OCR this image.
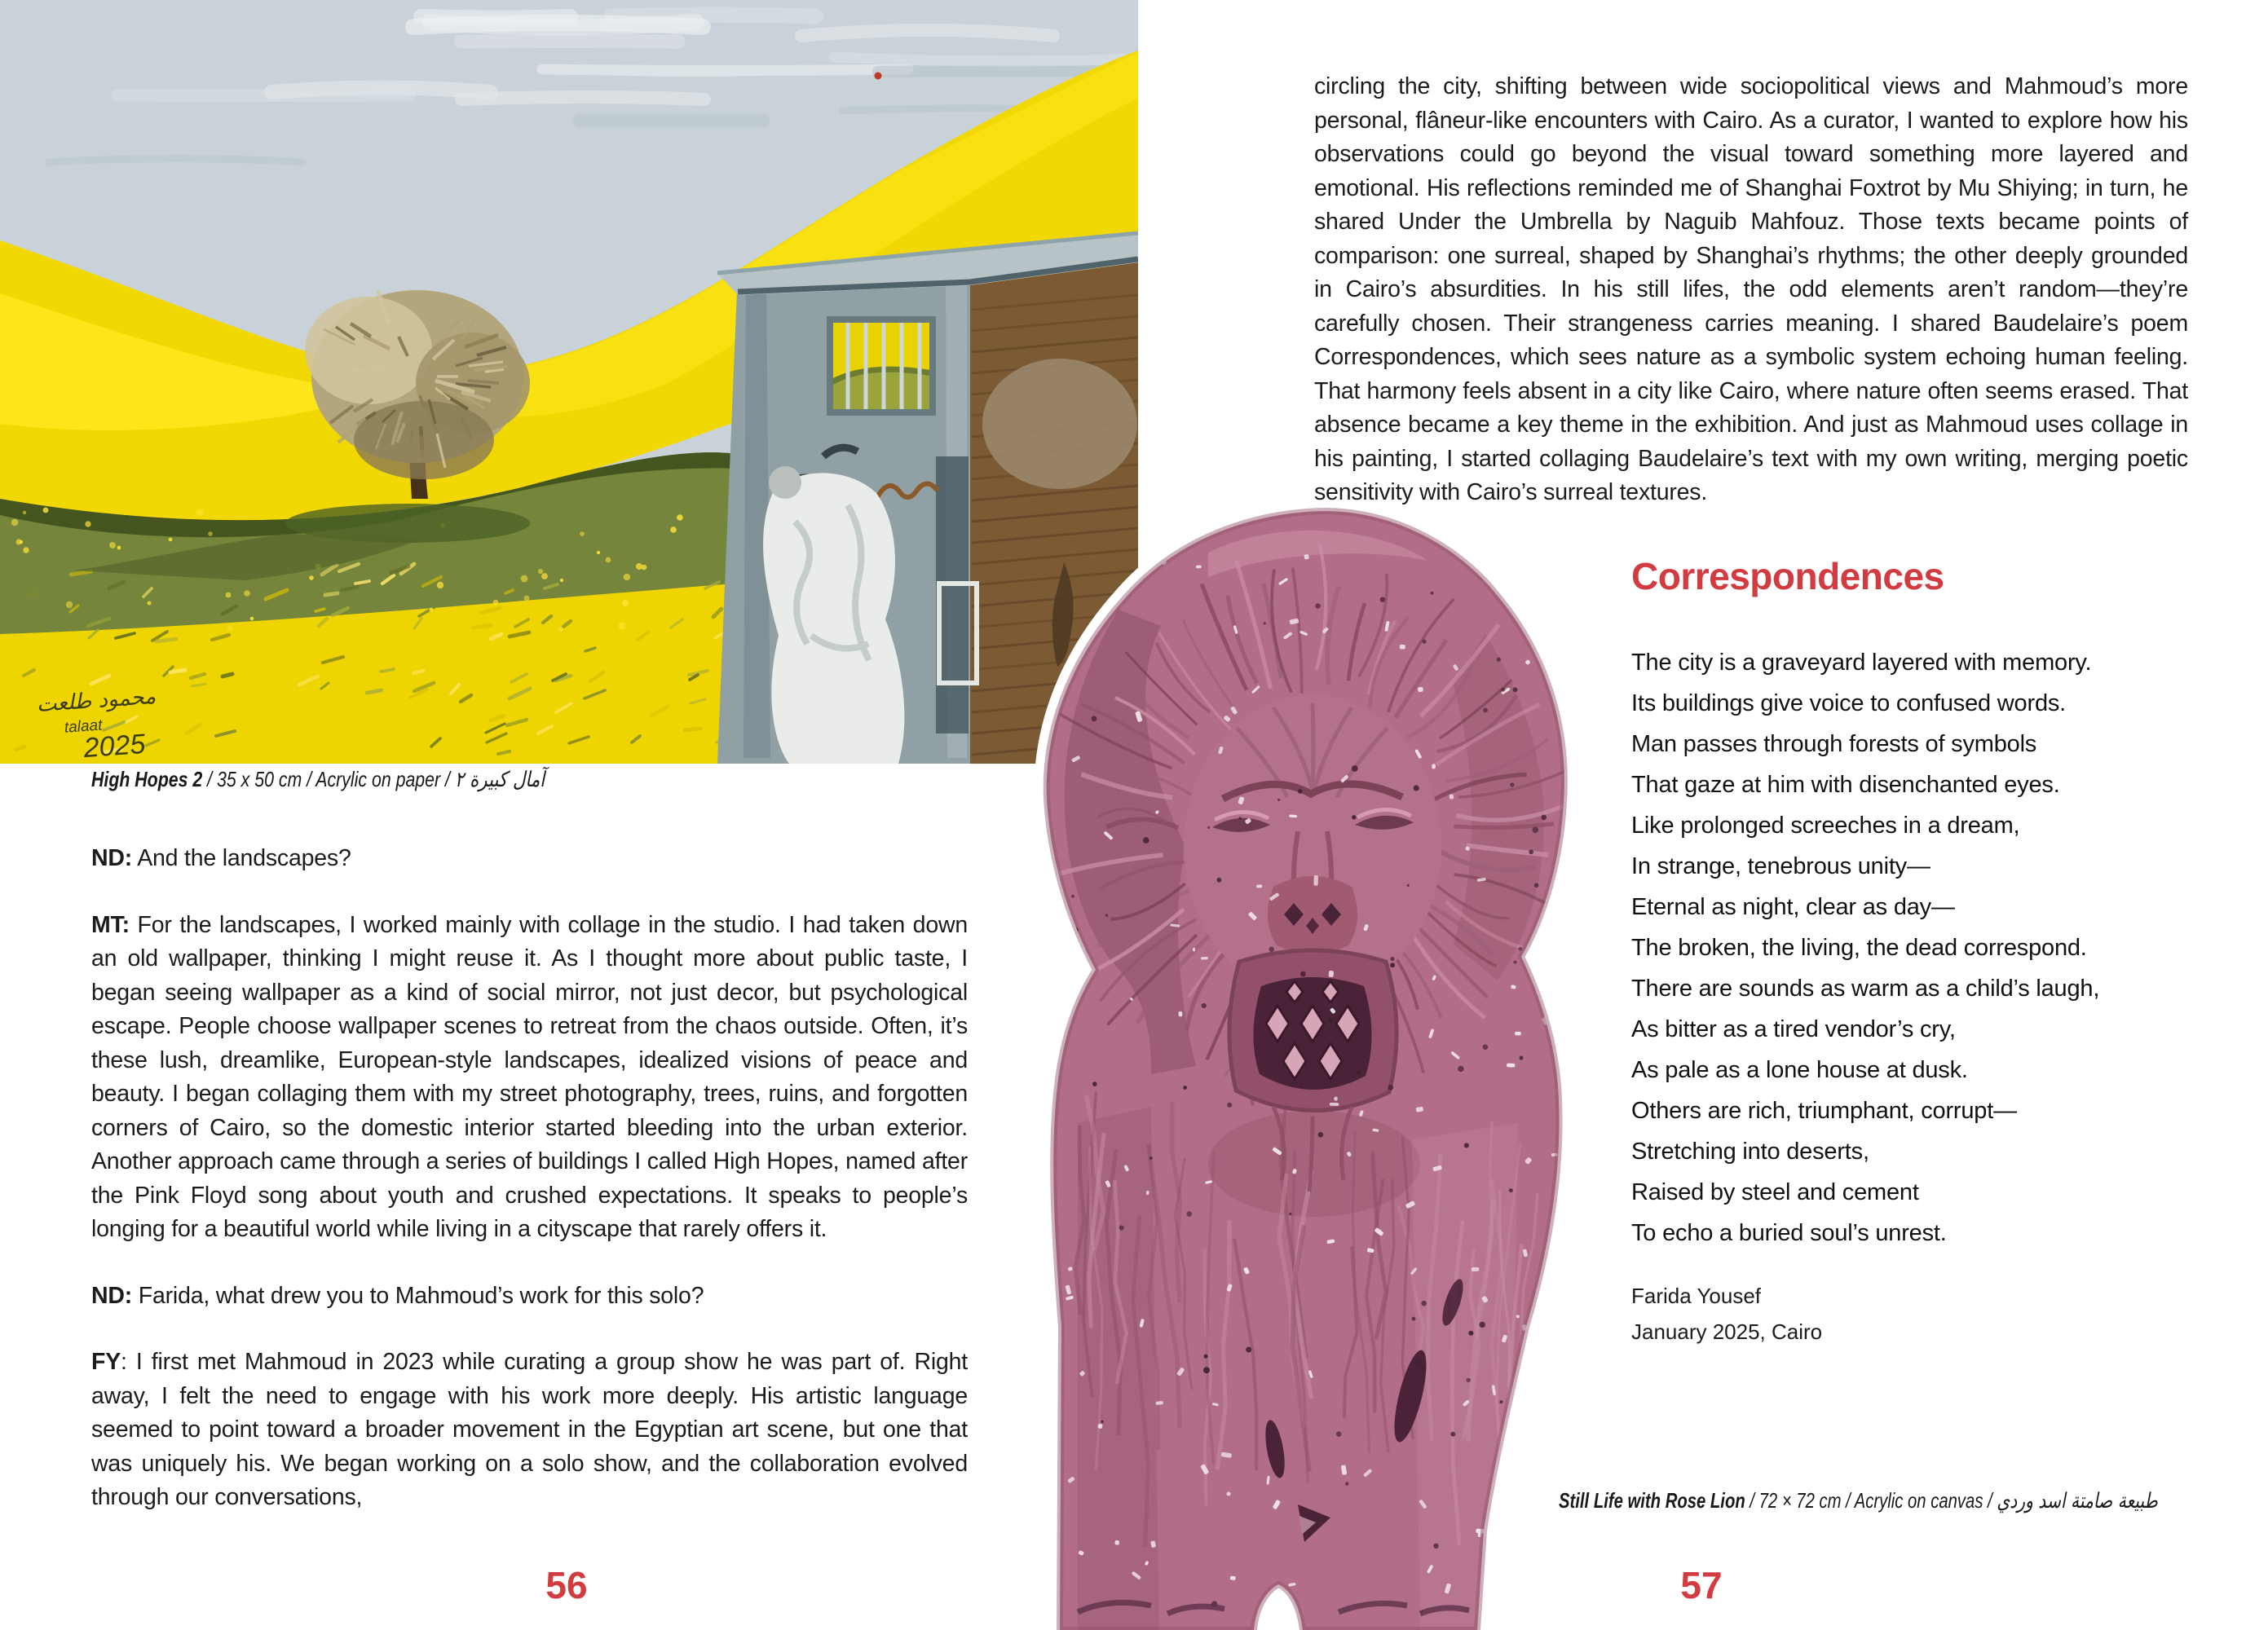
محمود طلعت
talaat
2025
High Hopes 2 / 35 x 50 cm / Acrylic on paper / آمال كبيرة ٢

ND: And the landscapes?

MT: For the landscapes, I worked mainly with collage in the studio. I had taken down an old wallpaper, thinking I might reuse it. As I thought more about public taste, I began seeing wallpaper as a kind of social mirror, not just decor, but psychological escape. People choose wallpaper scenes to retreat from the chaos outside. Often, it’s these lush, dreamlike, European-style landscapes, idealized visions of peace and beauty. I began collaging them with my street photography, trees, ruins, and forgotten corners of Cairo, so the domestic interior started bleeding into the urban exterior. Another approach came through a series of buildings I called High Hopes, named after the Pink Floyd song about youth and crushed expectations. It speaks to people’s longing for a beautiful world while living in a cityscape that rarely offers it.

ND: Farida, what drew you to Mahmoud’s work for this solo?

FY: I first met Mahmoud in 2023 while curating a group show he was part of. Right away, I felt the need to engage with his work more deeply. His artistic language seemed to point toward a broader movement in the Egyptian art scene, but one that was uniquely his. We began working on a solo show, and the collaboration evolved through our conversations,

56
circling the city, shifting between wide sociopolitical views and Mahmoud’s more personal, flâneur-like encounters with Cairo. As a curator, I wanted to explore how his observations could go beyond the visual toward something more layered and emotional. His reflections reminded me of Shanghai Foxtrot by Mu Shiying; in turn, he shared Under the Umbrella by Naguib Mahfouz. Those texts became points of comparison: one surreal, shaped by Shanghai’s rhythms; the other deeply grounded in Cairo’s absurdities. In his still lifes, the odd elements aren’t random—they’re carefully chosen. Their strangeness carries meaning. I shared Baudelaire’s poem Correspondences, which sees nature as a symbolic system echoing human feeling. That harmony feels absent in a city like Cairo, where nature often seems erased. That absence became a key theme in the exhibition. And just as Mahmoud uses collage in his painting, I started collaging Baudelaire’s text with my own writing, merging poetic sensitivity with Cairo’s surreal textures.
Correspondences
The city is a graveyard layered with memory.
Its buildings give voice to confused words.
Man passes through forests of symbols
That gaze at him with disenchanted eyes.
Like prolonged screeches in a dream,
In strange, tenebrous unity—
Eternal as night, clear as day—
The broken, the living, the dead correspond.
There are sounds as warm as a child’s laugh,
As bitter as a tired vendor’s cry,
As pale as a lone house at dusk.
Others are rich, triumphant, corrupt—
Stretching into deserts,
Raised by steel and cement
To echo a buried soul’s unrest.
Farida Yousef
January 2025, Cairo
Still Life with Rose Lion / 72 × 72 cm / Acrylic on canvas / طبيعة صامتة اسد وردي
57
